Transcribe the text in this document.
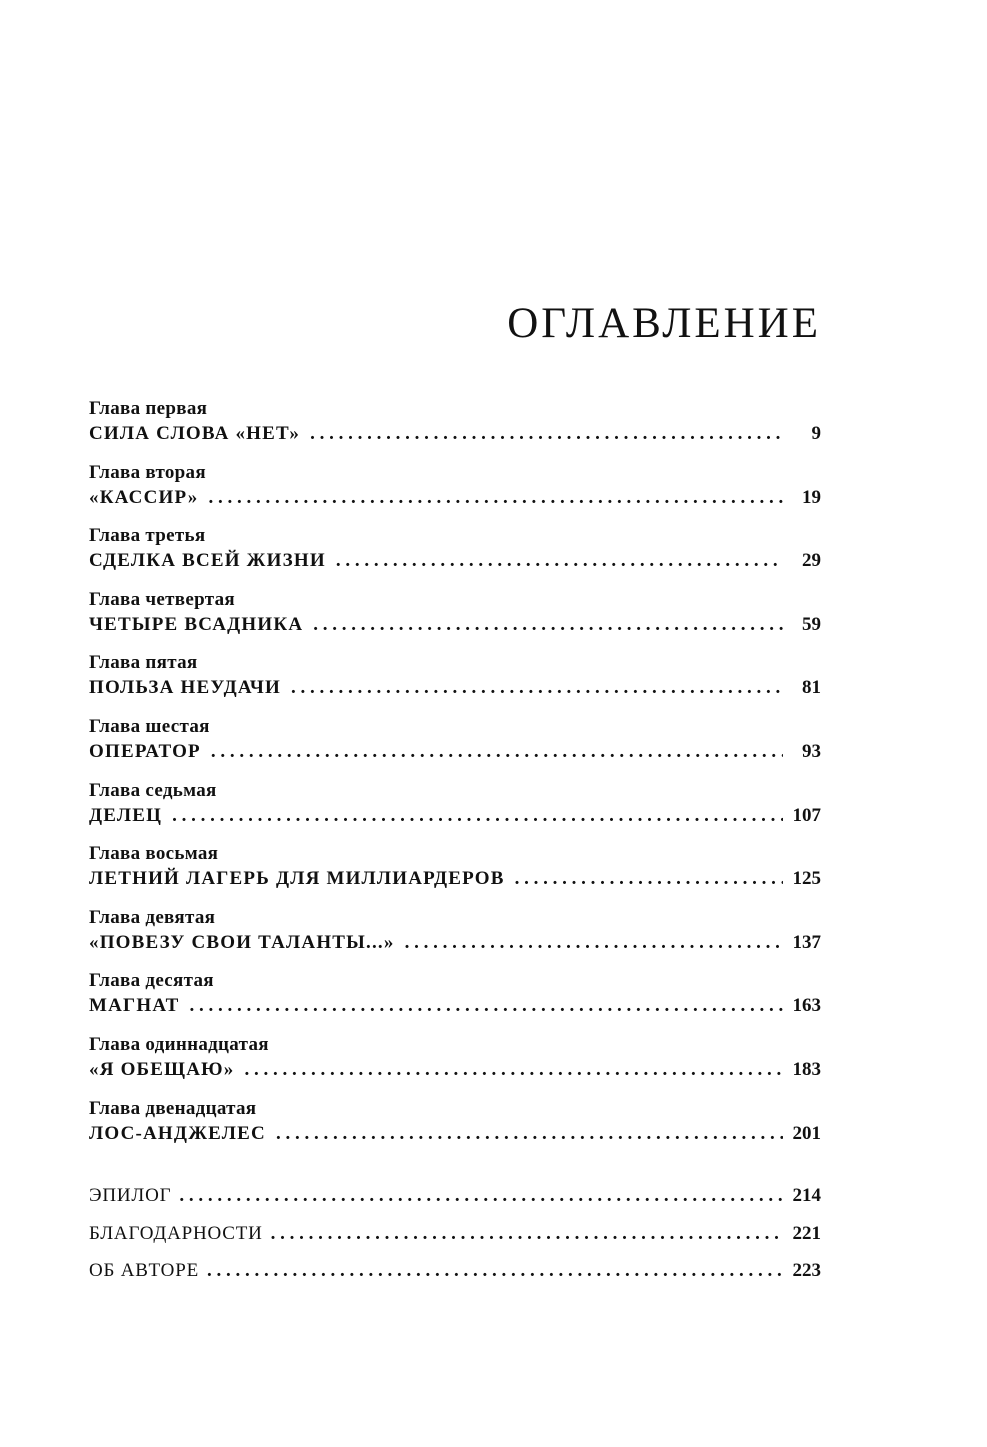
ОГЛАВЛЕНИЕ
Глава первая
СИЛА СЛОВА «НЕТ» . . .	9
Глава вторая
«КАССИР» . . .	19
Глава третья
СДЕЛКА ВСЕЙ ЖИЗНИ . . .	29
Глава четвертая
ЧЕТЫРЕ ВСАДНИКА . . .	59
Глава пятая
ПОЛЬЗА НЕУДАЧИ . . .	81
Глава шестая
ОПЕРАТОР . . .	93
Глава седьмая
ДЕЛЕЦ . . .	107
Глава восьмая
ЛЕТНИЙ ЛАГЕРЬ ДЛЯ МИЛЛИАРДЕРОВ . . .	125
Глава девятая
«ПОВЕЗУ СВОИ ТАЛАНТЫ...» . . .	137
Глава десятая
МАГНАТ . . .	163
Глава одиннадцатая
«Я ОБЕЩАЮ» . . .	183
Глава двенадцатая
ЛОС-АНДЖЕЛЕС . . .	201
ЭПИЛОГ . . .	214
БЛАГОДАРНОСТИ . . .	221
ОБ АВТОРЕ . . .	223
